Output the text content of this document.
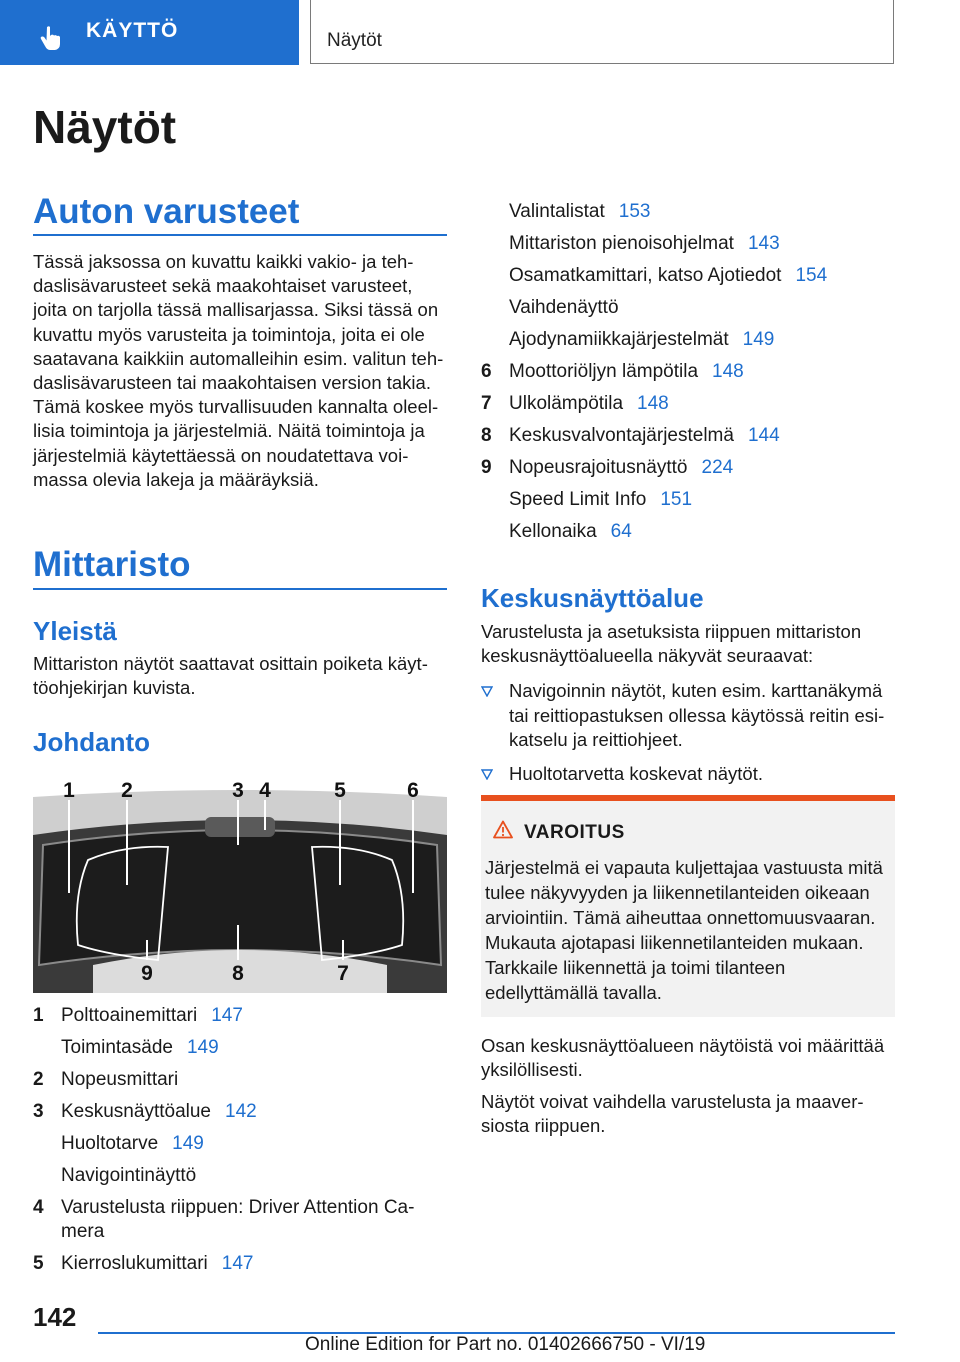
KÄYTTÖ	Näytöt
Näytöt
Auton varusteet
Tässä jaksossa on kuvattu kaikki vakio- ja tehdaslisävarusteet sekä maakohtaiset varusteet, joita on tarjolla tässä mallisarjassa. Siksi tässä on kuvattu myös varusteita ja toimintoja, joita ei ole saatavana kaikkiin automalleihin esim. valitun tehdaslisävarusteen tai maakohtaisen version takia. Tämä koskee myös turvallisuuden kannalta oleellisia toimintoja ja järjestelmiä. Näitä toimintoja ja järjestelmiä käytettäessä on noudatettava voimassa olevia lakeja ja määräyksiä.
Mittaristo
Yleistä
Mittariston näytöt saattavat osittain poiketa käyttöohjekirjan kuvista.
Johdanto
1 2	3 4	5	6
7
8
9
1 Polttoainemittari 147
Toimintasäde 149
2 Nopeusmittari
3 Keskusnäyttöalue 142
Huoltotarve 149
Navigointinäyttö
4 Varustelusta riippuen: Driver Attention Camera
5 Kierroslukumittari 147
Valintalistat 153
Mittariston pienoisohjelmat 143
Osamatkamittari, katso Ajotiedot 154
Vaihdenäyttö
Ajodynamiikkajärjestelmät 149
6 Moottoriöljyn lämpötila 148
7 Ulkolämpötila 148
8 Keskusvalvontajärjestelmä 144
9 Nopeusrajoitusnäyttö 224
Speed Limit Info 151
Kellonaika 64
Keskusnäyttöalue
Varustelusta ja asetuksista riippuen mittariston keskusnäyttöalueella näkyvät seuraavat:
Navigoinnin näytöt, kuten esim. karttanäkymä tai reittiopastuksen ollessa käytössä reitin esikatselu ja reittiohjeet.
Huoltotarvetta koskevat näytöt.
VAROITUS
Järjestelmä ei vapauta kuljettajaa vastuusta mitä tulee näkyvyyden ja liikennetilanteiden oikeaan arviointiin. Tämä aiheuttaa onnettomuusvaaran. Mukauta ajotapasi liikennetilanteiden mukaan. Tarkkaile liikennettä ja toimi tilanteen edellyttämällä tavalla.
Osan keskusnäyttöalueen näytöistä voi määrittää yksilöllisesti.
Näytöt voivat vaihdella varustelusta ja maaversiosta riippuen.
142
Online Edition for Part no. 01402666750 - VI/19
